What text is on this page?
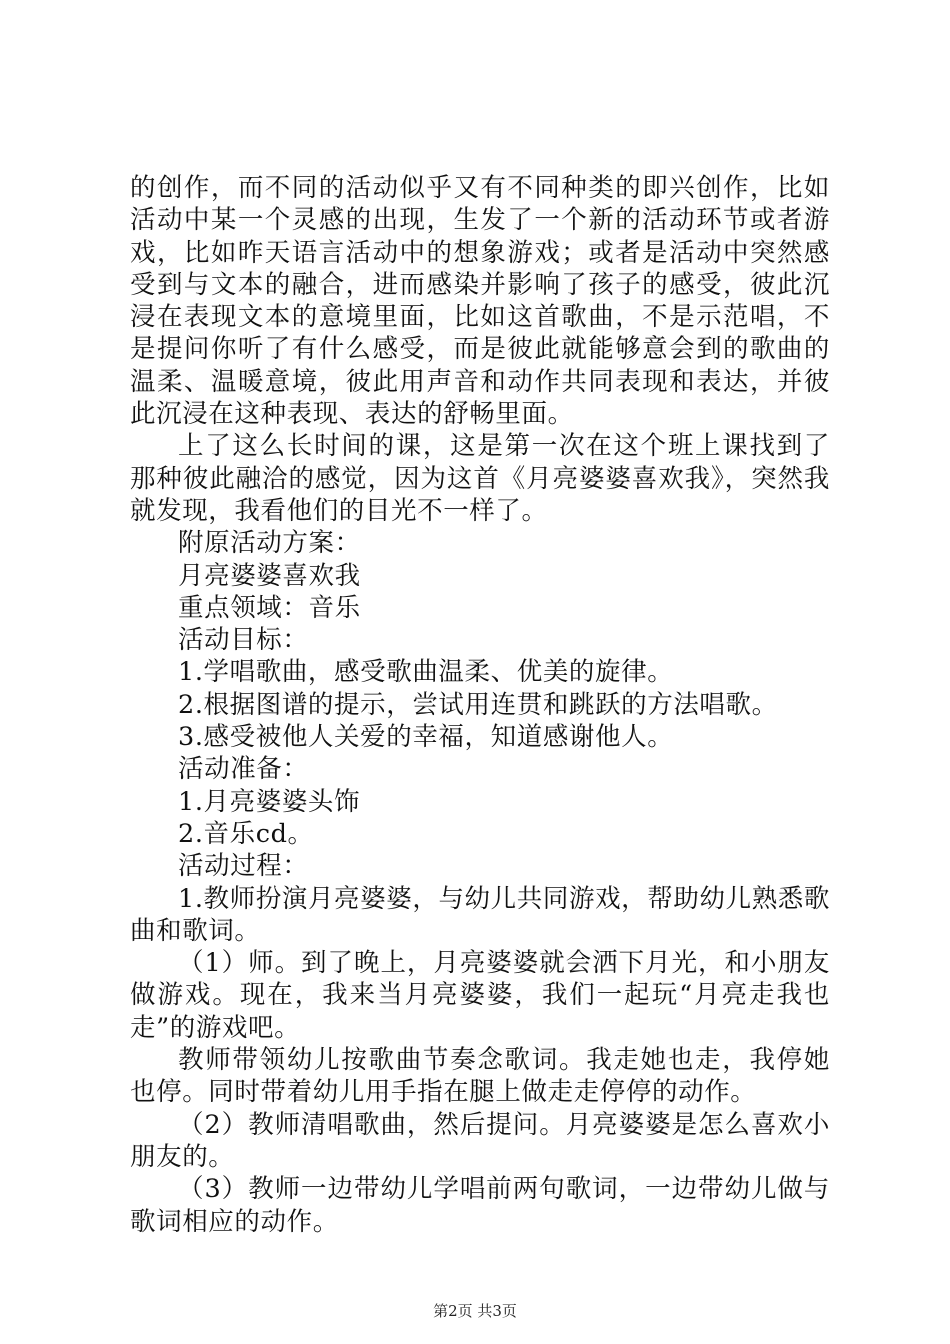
的创作，而不同的活动似乎又有不同种类的即兴创作，比如活动中某一个灵感的出现，生发了一个新的活动环节或者游戏，比如昨天语言活动中的想象游戏；或者是活动中突然感受到与文本的融合，进而感染并影响了孩子的感受，彼此沉浸在表现文本的意境里面，比如这首歌曲，不是示范唱，不是提问你听了有什么感受，而是彼此就能够意会到的歌曲的温柔、温暖意境，彼此用声音和动作共同表现和表达，并彼此沉浸在这种表现、表达的舒畅里面。

上了这么长时间的课，这是第一次在这个班上课找到了那种彼此融洽的感觉，因为这首《月亮婆婆喜欢我》，突然我就发现，我看他们的目光不一样了。

附原活动方案：

月亮婆婆喜欢我

重点领域：音乐

活动目标：

1.学唱歌曲，感受歌曲温柔、优美的旋律。

2.根据图谱的提示，尝试用连贯和跳跃的方法唱歌。

3.感受被他人关爱的幸福，知道感谢他人。

活动准备：

1.月亮婆婆头饰

2.音乐cd。

活动过程：

1.教师扮演月亮婆婆，与幼儿共同游戏，帮助幼儿熟悉歌曲和歌词。

（1）师。到了晚上，月亮婆婆就会洒下月光，和小朋友做游戏。现在，我来当月亮婆婆，我们一起玩“月亮走我也走”的游戏吧。

教师带领幼儿按歌曲节奏念歌词。我走她也走，我停她也停。同时带着幼儿用手指在腿上做走走停停的动作。

（2）教师清唱歌曲，然后提问。月亮婆婆是怎么喜欢小朋友的。

（3）教师一边带幼儿学唱前两句歌词，一边带幼儿做与歌词相应的动作。

第2页 共3页
